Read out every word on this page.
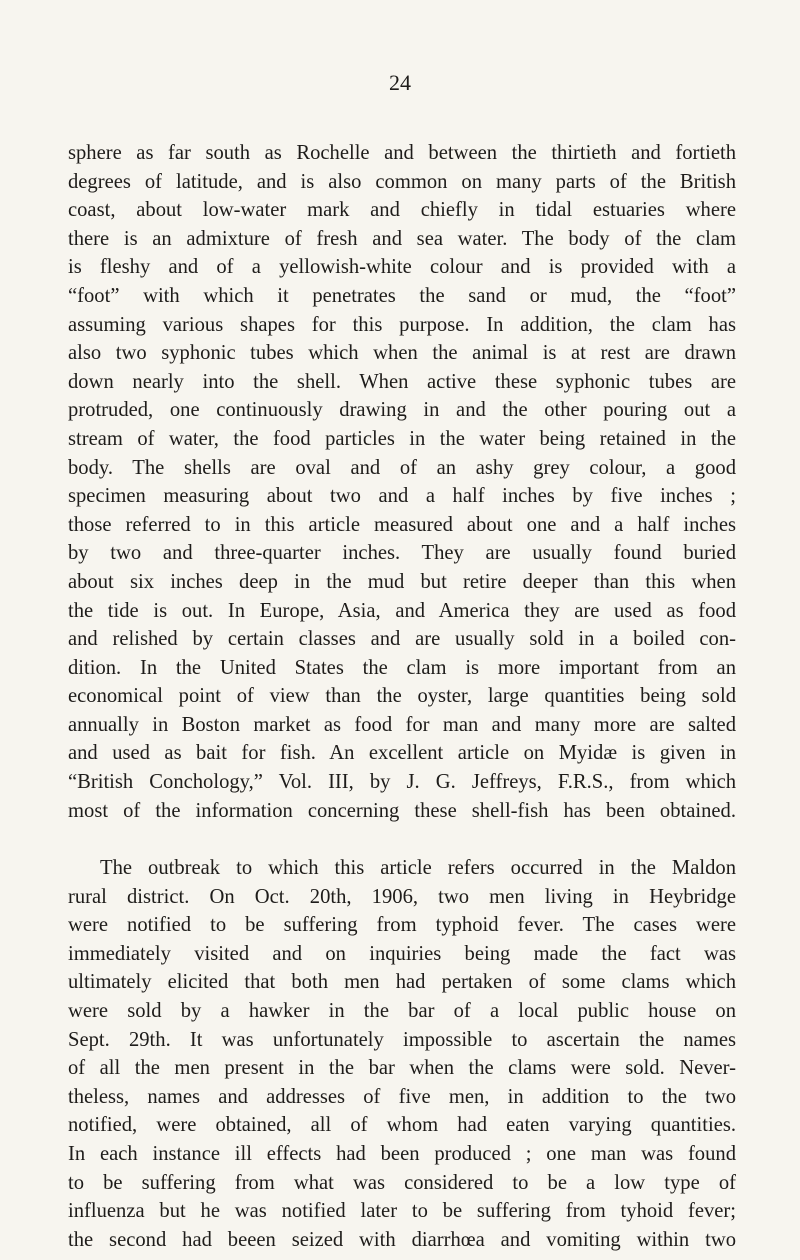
24
sphere as far south as Rochelle and between the thirtieth and fortieth
degrees of latitude, and is also common on many parts of the British
coast, about low-water mark and chiefly in tidal estuaries where
there is an admixture of fresh and sea water. The body of the clam
is fleshy and of a yellowish-white colour and is provided with a
“foot” with which it penetrates the sand or mud, the “foot”
assuming various shapes for this purpose. In addition, the clam has
also two syphonic tubes which when the animal is at rest are drawn
down nearly into the shell. When active these syphonic tubes are
protruded, one continuously drawing in and the other pouring out a
stream of water, the food particles in the water being retained in the
body. The shells are oval and of an ashy grey colour, a good
specimen measuring about two and a half inches by five inches ;
those referred to in this article measured about one and a half inches
by two and three-quarter inches. They are usually found buried
about six inches deep in the mud but retire deeper than this when
the tide is out. In Europe, Asia, and America they are used as food
and relished by certain classes and are usually sold in a boiled con-
dition. In the United States the clam is more important from an
economical point of view than the oyster, large quantities being sold
annually in Boston market as food for man and many more are salted
and used as bait for fish. An excellent article on Myidæ is given in
“British Conchology,” Vol. III, by J. G. Jeffreys, F.R.S., from which
most of the information concerning these shell-fish has been obtained.
The outbreak to which this article refers occurred in the Maldon
rural district. On Oct. 20th, 1906, two men living in Heybridge
were notified to be suffering from typhoid fever. The cases were
immediately visited and on inquiries being made the fact was
ultimately elicited that both men had pertaken of some clams which
were sold by a hawker in the bar of a local public house on
Sept. 29th. It was unfortunately impossible to ascertain the names
of all the men present in the bar when the clams were sold. Never-
theless, names and addresses of five men, in addition to the two
notified, were obtained, all of whom had eaten varying quantities.
In each instance ill effects had been produced ; one man was found
to be suffering from what was considered to be a low type of
influenza but he was notified later to be suffering from tyhoid fever;
the second had beeen seized with diarrhœa and vomiting within two
